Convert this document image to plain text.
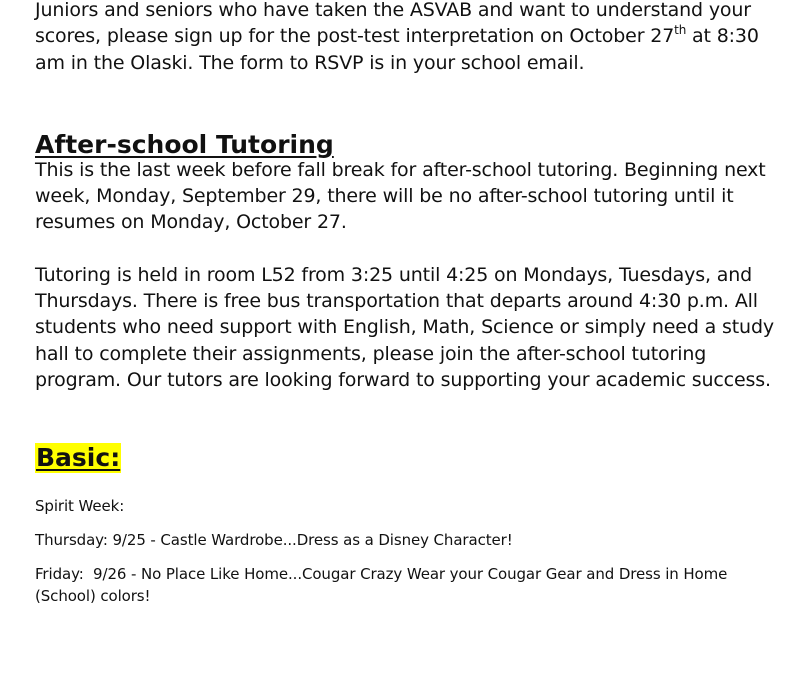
Juniors and seniors who have taken the ASVAB and want to understand your scores, please sign up for the post-test interpretation on October 27th at 8:30 am in the Olaski. The form to RSVP is in your school email.

After-school Tutoring

This is the last week before fall break for after-school tutoring. Beginning next week, Monday, September 29, there will be no after-school tutoring until it resumes on Monday, October 27.

Tutoring is held in room L52 from 3:25 until 4:25 on Mondays, Tuesdays, and Thursdays. There is free bus transportation that departs around 4:30 p.m. All students who need support with English, Math, Science or simply need a study hall to complete their assignments, please join the after-school tutoring program. Our tutors are looking forward to supporting your academic success.

Basic:

Spirit Week:

Thursday: 9/25 - Castle Wardrobe...Dress as a Disney Character!

Friday:  9/26 - No Place Like Home...Cougar Crazy Wear your Cougar Gear and Dress in Home (School) colors!
